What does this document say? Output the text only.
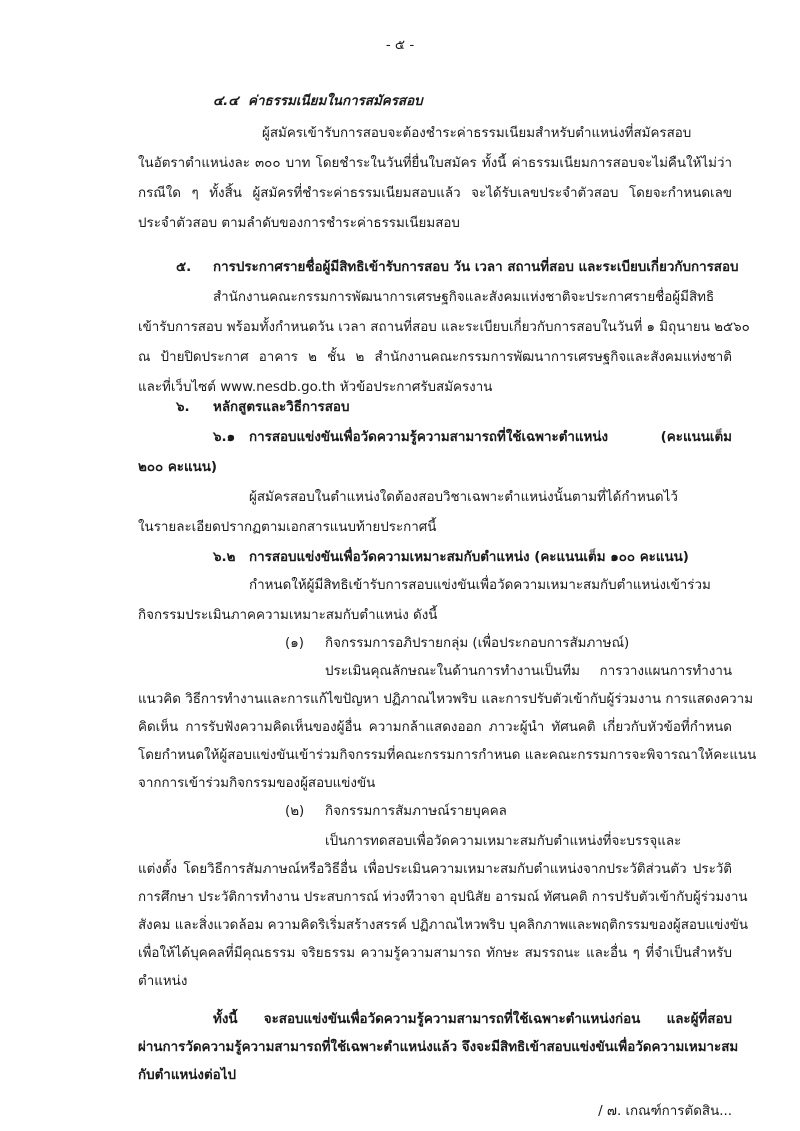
- ๕ -
๔.๔ ค่าธรรมเนียมในการสมัครสอบ
ผู้สมัครเข้ารับการสอบจะต้องชำระค่าธรรมเนียมสำหรับตำแหน่งที่สมัครสอบ
ในอัตราตำแหน่งละ ๓๐๐ บาท โดยชำระในวันที่ยื่นใบสมัคร ทั้งนี้ ค่าธรรมเนียมการสอบจะไม่คืนให้ไม่ว่า
กรณีใด ๆ ทั้งสิ้น ผู้สมัครที่ชำระค่าธรรมเนียมสอบแล้ว จะได้รับเลขประจำตัวสอบ โดยจะกำหนดเลข
ประจำตัวสอบ ตามลำดับของการชำระค่าธรรมเนียมสอบ
๕. การประกาศรายชื่อผู้มีสิทธิเข้ารับการสอบ วัน เวลา สถานที่สอบ และระเบียบเกี่ยวกับการสอบ
สำนักงานคณะกรรมการพัฒนาการเศรษฐกิจและสังคมแห่งชาติจะประกาศรายชื่อผู้มีสิทธิ
เข้ารับการสอบ พร้อมทั้งกำหนดวัน เวลา สถานที่สอบ และระเบียบเกี่ยวกับการสอบในวันที่ ๑ มิถุนายน ๒๕๖๐
ณ ป้ายปิดประกาศ อาคาร ๒ ชั้น ๒ สำนักงานคณะกรรมการพัฒนาการเศรษฐกิจและสังคมแห่งชาติ
และที่เว็บไซต์ www.nesdb.go.th หัวข้อประกาศรับสมัครงาน
๖. หลักสูตรและวิธีการสอบ
๖.๑ การสอบแข่งขันเพื่อวัดความรู้ความสามารถที่ใช้เฉพาะตำแหน่ง (คะแนนเต็ม
๒๐๐ คะแนน)
ผู้สมัครสอบในตำแหน่งใดต้องสอบวิชาเฉพาะตำแหน่งนั้นตามที่ได้กำหนดไว้
ในรายละเอียดปรากฏตามเอกสารแนบท้ายประกาศนี้
๖.๒ การสอบแข่งขันเพื่อวัดความเหมาะสมกับตำแหน่ง (คะแนนเต็ม ๑๐๐ คะแนน)
กำหนดให้ผู้มีสิทธิเข้ารับการสอบแข่งขันเพื่อวัดความเหมาะสมกับตำแหน่งเข้าร่วม
กิจกรรมประเมินภาคความเหมาะสมกับตำแหน่ง ดังนี้
(๑) กิจกรรมการอภิปรายกลุ่ม (เพื่อประกอบการสัมภาษณ์)
ประเมินคุณลักษณะในด้านการทำงานเป็นทีม การวางแผนการทำงาน
แนวคิด วิธีการทำงานและการแก้ไขปัญหา ปฏิภาณไหวพริบ และการปรับตัวเข้ากับผู้ร่วมงาน การแสดงความ
คิดเห็น การรับฟังความคิดเห็นของผู้อื่น ความกล้าแสดงออก ภาวะผู้นำ ทัศนคติ เกี่ยวกับหัวข้อที่กำหนด
โดยกำหนดให้ผู้สอบแข่งขันเข้าร่วมกิจกรรมที่คณะกรรมการกำหนด และคณะกรรมการจะพิจารณาให้คะแนน
จากการเข้าร่วมกิจกรรมของผู้สอบแข่งขัน
(๒) กิจกรรมการสัมภาษณ์รายบุคคล
เป็นการทดสอบเพื่อวัดความเหมาะสมกับตำแหน่งที่จะบรรจุและ
แต่งตั้ง โดยวิธีการสัมภาษณ์หรือวิธีอื่น เพื่อประเมินความเหมาะสมกับตำแหน่งจากประวัติส่วนตัว ประวัติ
การศึกษา ประวัติการทำงาน ประสบการณ์ ท่วงทีวาจา อุปนิสัย อารมณ์ ทัศนคติ การปรับตัวเข้ากับผู้ร่วมงาน
สังคม และสิ่งแวดล้อม ความคิดริเริ่มสร้างสรรค์ ปฏิภาณไหวพริบ บุคลิกภาพและพฤติกรรมของผู้สอบแข่งขัน
เพื่อให้ได้บุคคลที่มีคุณธรรม จริยธรรม ความรู้ความสามารถ ทักษะ สมรรถนะ และอื่น ๆ ที่จำเป็นสำหรับ
ตำแหน่ง
ทั้งนี้ จะสอบแข่งขันเพื่อวัดความรู้ความสามารถที่ใช้เฉพาะตำแหน่งก่อน และผู้ที่สอบ
ผ่านการวัดความรู้ความสามารถที่ใช้เฉพาะตำแหน่งแล้ว จึงจะมีสิทธิเข้าสอบแข่งขันเพื่อวัดความเหมาะสม
กับตำแหน่งต่อไป
/ ๗. เกณฑ์การตัดสิน...
